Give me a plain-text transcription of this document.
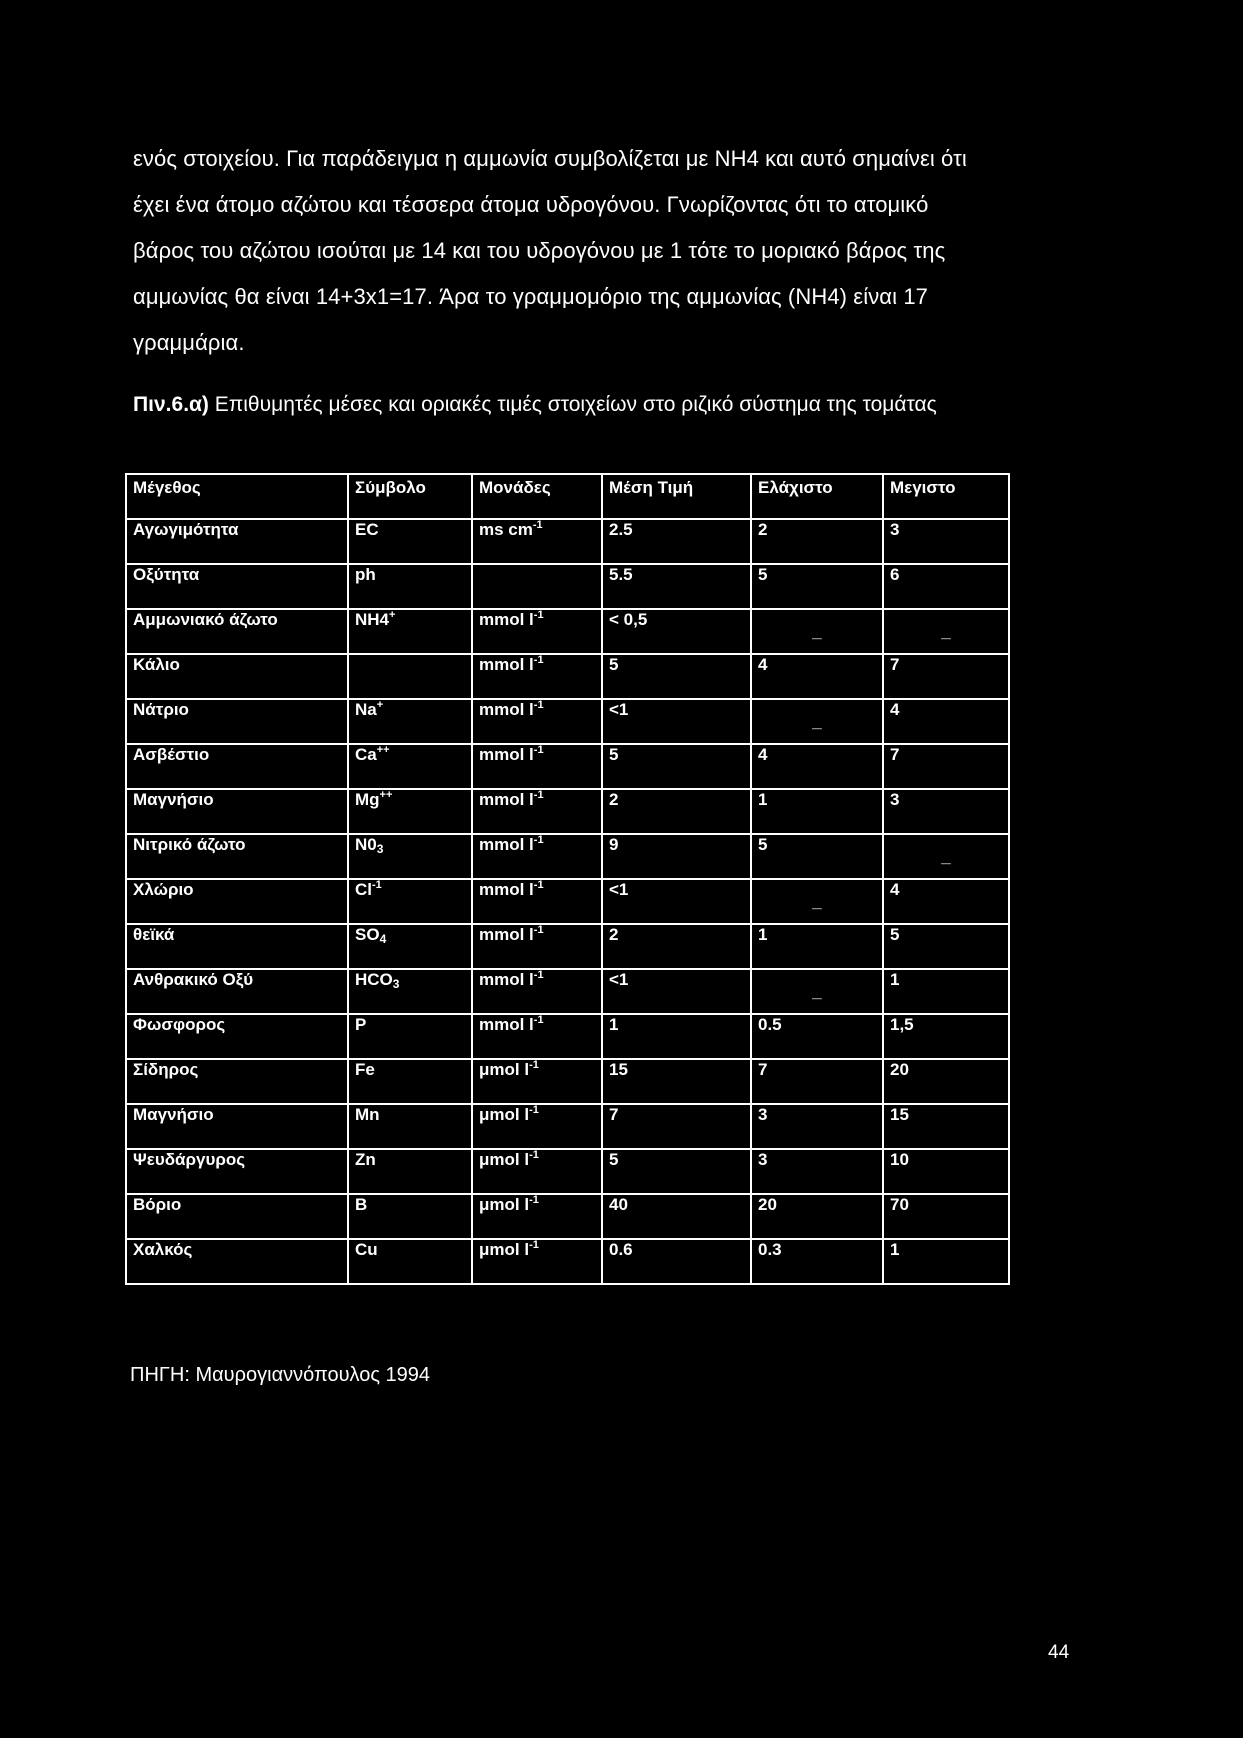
ενός στοιχείου. Για παράδειγμα η αμμωνία συμβολίζεται με ΝΗ4 και αυτό σημαίνει ότι

έχει ένα άτομο αζώτου και τέσσερα άτομα υδρογόνου. Γνωρίζοντας ότι το ατομικό

βάρος του αζώτου ισούται με 14 και του υδρογόνου με 1 τότε το μοριακό βάρος της

αμμωνίας θα είναι 14+3x1=17. Άρα το γραμμομόριο της αμμωνίας (ΝΗ4) είναι 17

γραμμάρια.

Πιν.6.α) Επιθυμητές μέσες και οριακές τιμές στοιχείων στο ριζικό σύστημα της τομάτας
Μέγεθος	Σύμβολο	Μονάδες	Μέση Τιμή	Ελάχιστο	Μεγιστο
Αγωγιμότητα	EC	ms $cm^{-1}$	2.5	2	3
Οξύτητα	ph		5.5	5	6
Αμμωνιακό άζωτο	NH4+	mmol $l^{-1}$	< 0,5	_	_
Κάλιο		mmol $l^{-1}$	5	4	7
Νάτριο	Na+	mmol $l^{-1}$	<1	_	4
Ασβέστιο	Ca++	mmol $l^{-1}$	5	4	7
Μαγνήσιο	Mg++	mmol $l^{-1}$	2	1	3
Νιτρικό άζωτο	$N0_3$	mmol $l^{-1}$	9	5	_
Χλώριο	$Cl^{-1}$	mmol $l^{-1}$	<1	_	4
θεϊκά	$SO_4$	mmol $l^{-1}$	2	1	5
Ανθρακικό Οξύ	$HCO_3$	mmol $l^{-1}$	<1	_	1
Φωσφορος	P	mmol $l^{-1}$	1	0.5	1,5
Σίδηρος	Fe	μmol $l^{-1}$	15	7	20
Μαγνήσιο	Mn	μmol $l^{-1}$	7	3	15
Ψευδάργυρος	Zn	μmol $l^{-1}$	5	3	10
Βόριο	B	μmol $l^{-1}$	40	20	70
Χαλκός	Cu	μmol $l^{-1}$	0.6	0.3	1
ΠΗΓΗ: Μαυρογιαννόπουλος 1994
44
